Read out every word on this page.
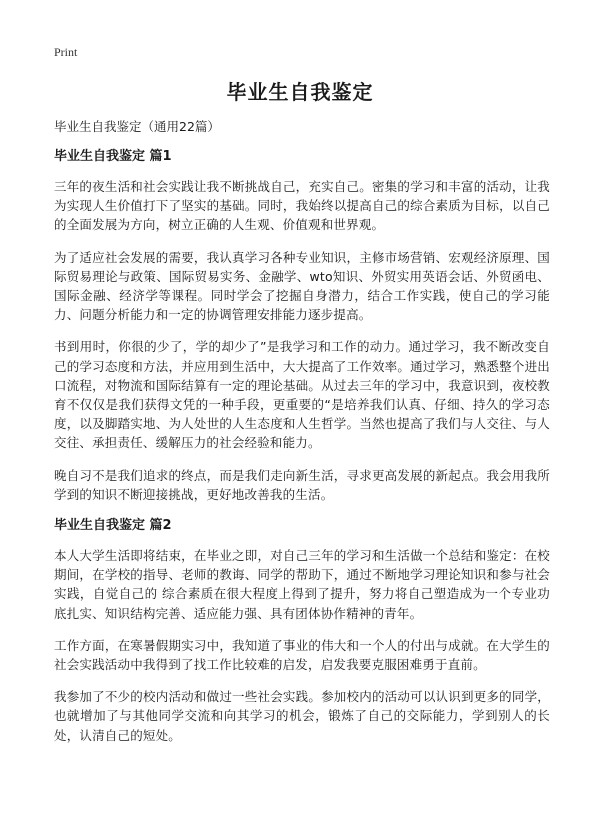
Print
毕业生自我鉴定

毕业生自我鉴定（通用22篇）

毕业生自我鉴定 篇1

三年的夜生活和社会实践让我不断挑战自己，充实自己。密集的学习和丰富的活动，让我为实现人生价值打下了坚实的基础。同时，我始终以提高自己的综合素质为目标，以自己的全面发展为方向，树立正确的人生观、价值观和世界观。

为了适应社会发展的需要，我认真学习各种专业知识，主修市场营销、宏观经济原理、国际贸易理论与政策、国际贸易实务、金融学、wto知识、外贸实用英语会话、外贸函电、国际金融、经济学等课程。同时学会了挖掘自身潜力，结合工作实践，使自己的学习能力、问题分析能力和一定的协调管理安排能力逐步提高。

书到用时，你很的少了，学的却少了”是我学习和工作的动力。通过学习，我不断改变自己的学习态度和方法，并应用到生活中，大大提高了工作效率。通过学习，熟悉整个进出口流程，对物流和国际结算有一定的理论基础。从过去三年的学习中，我意识到，夜校教育不仅仅是我们获得文凭的一种手段，更重要的“是培养我们认真、仔细、持久的学习态度，以及脚踏实地、为人处世的人生态度和人生哲学。当然也提高了我们与人交往、与人交往、承担责任、缓解压力的社会经验和能力。

晚自习不是我们追求的终点，而是我们走向新生活，寻求更高发展的新起点。我会用我所学到的知识不断迎接挑战，更好地改善我的生活。

毕业生自我鉴定 篇2

本人大学生活即将结束，在毕业之即，对自己三年的学习和生活做一个总结和鉴定：在校期间，在学校的指导、老师的教诲、同学的帮助下，通过不断地学习理论知识和参与社会实践，自觉自己的 综合素质在很大程度上得到了提升，努力将自己塑造成为一个专业功底扎实、知识结构完善、适应能力强、具有团体协作精神的青年。

工作方面，在寒暑假期实习中，我知道了事业的伟大和一个人的付出与成就。在大学生的社会实践活动中我得到了找工作比较难的启发，启发我要克服困难勇于直前。

我参加了不少的校内活动和做过一些社会实践。参加校内的活动可以认识到更多的同学，也就增加了与其他同学交流和向其学习的机会，锻炼了自己的交际能力，学到别人的长处，认清自己的短处。
